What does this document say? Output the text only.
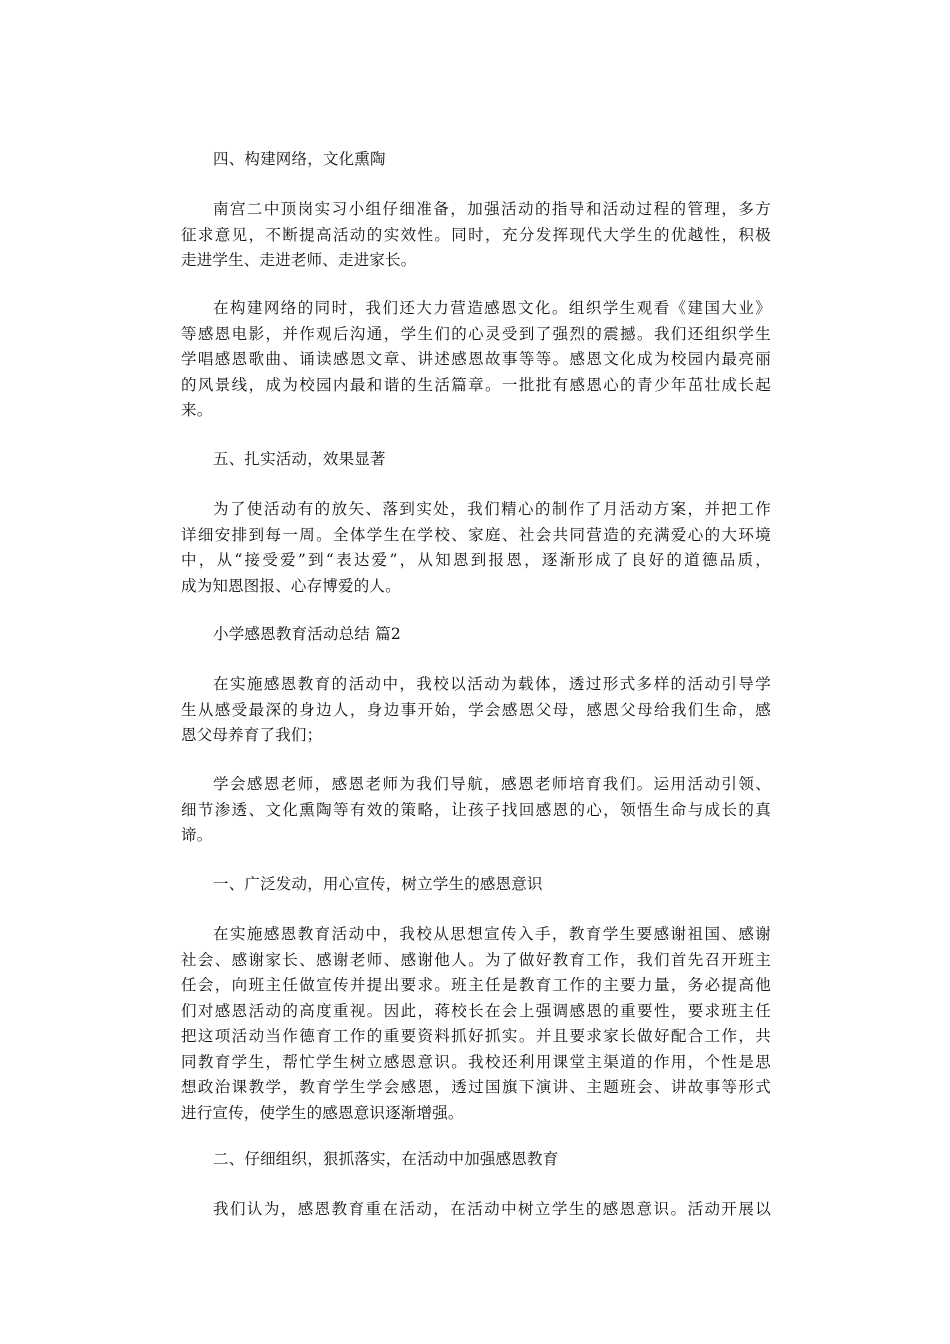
四、构建网络，文化熏陶
南宫二中顶岗实习小组仔细准备，加强活动的指导和活动过程的管理，多方
征求意见，不断提高活动的实效性。同时，充分发挥现代大学生的优越性，积极
走进学生、走进老师、走进家长。
在构建网络的同时，我们还大力营造感恩文化。组织学生观看《建国大业》
等感恩电影，并作观后沟通，学生们的心灵受到了强烈的震撼。我们还组织学生
学唱感恩歌曲、诵读感恩文章、讲述感恩故事等等。感恩文化成为校园内最亮丽
的风景线，成为校园内最和谐的生活篇章。一批批有感恩心的青少年茁壮成长起
来。
五、扎实活动，效果显著
为了使活动有的放矢、落到实处，我们精心的制作了月活动方案，并把工作
详细安排到每一周。全体学生在学校、家庭、社会共同营造的充满爱心的大环境
中，从“接受爱”到“表达爱”，从知恩到报恩，逐渐形成了良好的道德品质，
成为知恩图报、心存博爱的人。
小学感恩教育活动总结 篇2
在实施感恩教育的活动中，我校以活动为载体，透过形式多样的活动引导学
生从感受最深的身边人，身边事开始，学会感恩父母，感恩父母给我们生命，感
恩父母养育了我们；
学会感恩老师，感恩老师为我们导航，感恩老师培育我们。运用活动引领、
细节渗透、文化熏陶等有效的策略，让孩子找回感恩的心，领悟生命与成长的真
谛。
一、广泛发动，用心宣传，树立学生的感恩意识
在实施感恩教育活动中，我校从思想宣传入手，教育学生要感谢祖国、感谢
社会、感谢家长、感谢老师、感谢他人。为了做好教育工作，我们首先召开班主
任会，向班主任做宣传并提出要求。班主任是教育工作的主要力量，务必提高他
们对感恩活动的高度重视。因此，蒋校长在会上强调感恩的重要性，要求班主任
把这项活动当作德育工作的重要资料抓好抓实。并且要求家长做好配合工作，共
同教育学生，帮忙学生树立感恩意识。我校还利用课堂主渠道的作用，个性是思
想政治课教学，教育学生学会感恩，透过国旗下演讲、主题班会、讲故事等形式
进行宣传，使学生的感恩意识逐渐增强。
二、仔细组织，狠抓落实，在活动中加强感恩教育
我们认为，感恩教育重在活动，在活动中树立学生的感恩意识。活动开展以
